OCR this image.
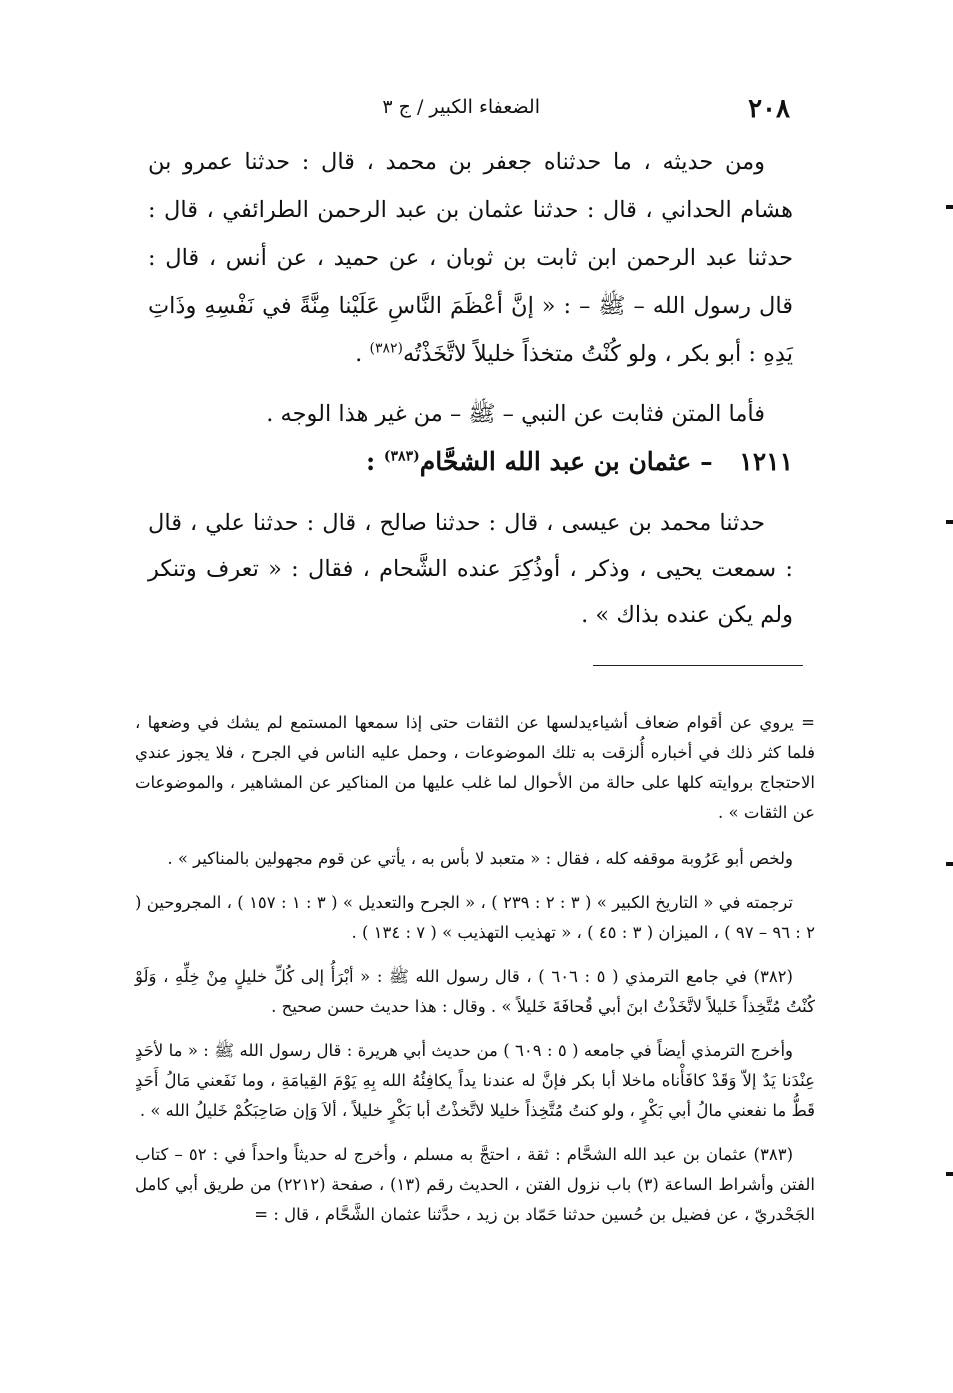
٢٠٨
الضعفاء الكبير / ج ٣

ومن حديثه ، ما حدثناه جعفر بن محمد ، قال : حدثنا عمرو بن هشام الحداني ، قال : حدثنا عثمان بن عبد الرحمن الطرائفي ، قال : حدثنا عبد الرحمن ابن ثابت بن ثوبان ، عن حميد ، عن أنس ، قال : قال رسول الله – ﷺ – : « إنَّ أعْظَمَ النَّاسِ عَلَيْنا مِنَّةً في نَفْسِهِ وذَاتِ يَدِهِ : أبو بكر ، ولو كُنْتُ متخذاً خليلاً لاتَّخَذْتُه$^{(٣٨٢)}$ .

فأما المتن فثابت عن النبي – ﷺ – من غير هذا الوجه .

١٢١١ – عثمان بن عبد الله الشحَّام$^{(٣٨٣)}$ :

حدثنا محمد بن عيسى ، قال : حدثنا صالح ، قال : حدثنا علي ، قال : سمعت يحيى ، وذكر ، أوذُكِرَ عنده الشَّحام ، فقال : « تعرف وتنكر ولم يكن عنده بذاك » .

= يروي عن أقوام ضعاف أشياءيدلسها عن الثقات حتى إذا سمعها المستمع لم يشك في وضعها ، فلما كثر ذلك في أخباره أُلزقت به تلك الموضوعات ، وحمل عليه الناس في الجرح ، فلا يجوز عندي الاحتجاج بروايته كلها على حالة من الأحوال لما غلب عليها من المناكير عن المشاهير ، والموضوعات عن الثقات » .

ولخص أبو عَرُوبة موقفه كله ، فقال : « متعبد لا بأس به ، يأتي عن قوم مجهولين بالمناكير » .

ترجمته في « التاريخ الكبير » ( ٣ : ٢ : ٢٣٩ ) ، « الجرح والتعديل » ( ٣ : ١ : ١٥٧ ) ، المجروحين ( ٢ : ٩٦ – ٩٧ ) ، الميزان ( ٣ : ٤٥ ) ، « تهذيب التهذيب » ( ٧ : ١٣٤ ) .

(٣٨٢) في جامع الترمذي ( ٥ : ٦٠٦ ) ، قال رسول الله ﷺ : « أبْرَأُ إلى كُلِّ خليلٍ مِنْ خِلِّهِ ، وَلَوْ كُنْتُ مُتَّخِذاً خَليلاً لاتَّخَذْتُ ابنَ أبي قُحافَةَ خَليلاً » . وقال : هذا حديث حسن صحيح .

وأخرج الترمذي أيضاً في جامعه ( ٥ : ٦٠٩ ) من حديث أبي هريرة : قال رسول الله ﷺ : « ما لأحَدٍ عِنْدَنا يَدٌ إلاّ وَقَدْ كافَأْناه ماخلا أبا بكر فإنَّ له عندنا يداً يكافِئُهُ الله بِهِ يَوْمَ القِيامَةِ ، وما نَفَعني مَالُ أَحَدٍ قَطُّ ما نفعني مالُ أبي بَكْرٍ ، ولو كنتُ مُتَّخِذاً خليلا لاتَّخذْتُ أبا بَكْرٍ خليلاً ، ألاَ وَإن صَاحِبَكُمْ خَليلُ الله » .

(٣٨٣) عثمان بن عبد الله الشحَّام : ثقة ، احتجَّ به مسلم ، وأخرج له حديثاً واحداً في : ٥٢ – كتاب الفتن وأشراط الساعة (٣) باب نزول الفتن ، الحديث رقم (١٣) ، صفحة (٢٢١٢) من طريق أبي كامل الجَحْدريّ ، عن فضيل بن حُسين حدثنا حَمّاد بن زيد ، حدَّثنا عثمان الشَّحَّام ، قال : =
